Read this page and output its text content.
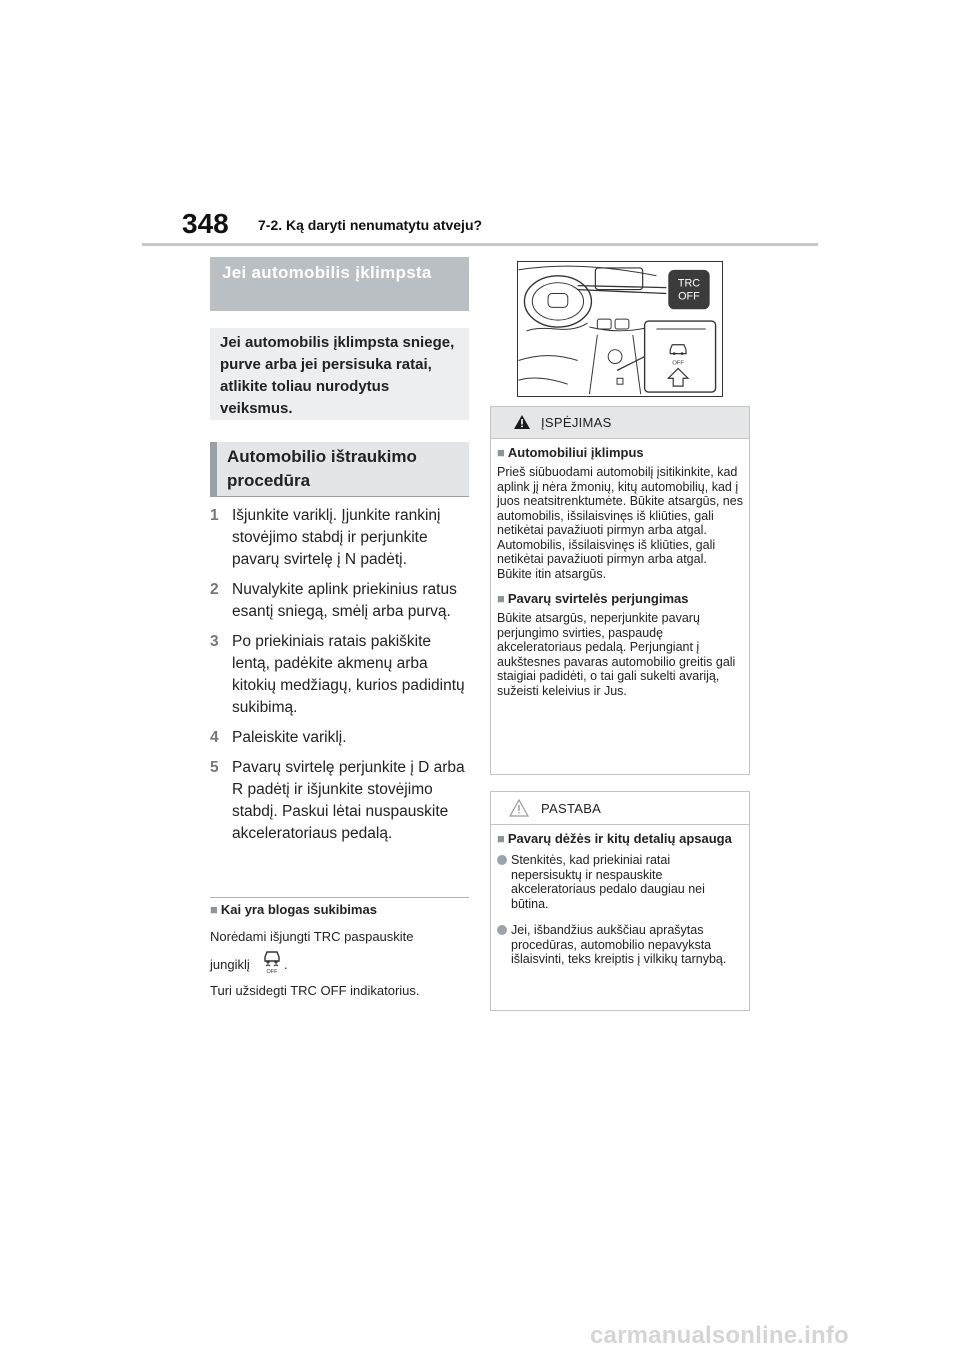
348 7-2. Ką daryti nenumatytu atveju?
Jei automobilis įklimpsta
Jei automobilis įklimpsta sniege, purve arba jei persisuka ratai, atlikite toliau nurodytus veiksmus.
Automobilio ištraukimo procedūra
1 Išjunkite variklį. Įjunkite rankinį stovėjimo stabdį ir perjunkite pavarų svirtelę į N padėtį.
2 Nuvalykite aplink priekinius ratus esantį sniegą, smėlį arba purvą.
3 Po priekiniais ratais pakiškite lentą, padėkite akmenų arba kitokių medžiagų, kurios padidintų sukibimą.
4 Paleiskite variklį.
5 Pavarų svirtelę perjunkite į D arba R padėtį ir išjunkite stovėjimo stabdį. Paskui lėtai nuspauskite akceleratoriaus pedalą.
■ Kai yra blogas sukibimas
Norėdami išjungti TRC paspauskite
jungiklį	OFF .
Turi užsidegti TRC OFF indikatorius.
TRC
OFF
OFF
ĮSPĖJIMAS
■ Automobiliui įklimpus
Prieš siūbuodami automobilį įsitikinkite, kad aplink jį nėra žmonių, kitų automobilių, kad į juos neatsitrenktumėte. Būkite atsargūs, nes automobilis, išsilaisvinęs iš kliūties, gali netikėtai pavažiuoti pirmyn arba atgal. Automobilis, išsilaisvinęs iš kliūties, gali netikėtai pavažiuoti pirmyn arba atgal. Būkite itin atsargūs.
■ Pavarų svirtelės perjungimas
Būkite atsargūs, neperjunkite pavarų perjungimo svirties, paspaudę akceleratoriaus pedalą. Perjungiant į aukštesnes pavaras automobilio greitis gali staigiai padidėti, o tai gali sukelti avariją, sužeisti keleivius ir Jus.
PASTABA
■ Pavarų dėžės ir kitų detalių apsauga
Stenkitės, kad priekiniai ratai nepersisuktų ir nespauskite akceleratoriaus pedalo daugiau nei būtina.
Jei, išbandžius aukščiau aprašytas procedūras, automobilio nepavyksta išlaisvinti, teks kreiptis į vilkikų tarnybą.
carmanualsonline.info
